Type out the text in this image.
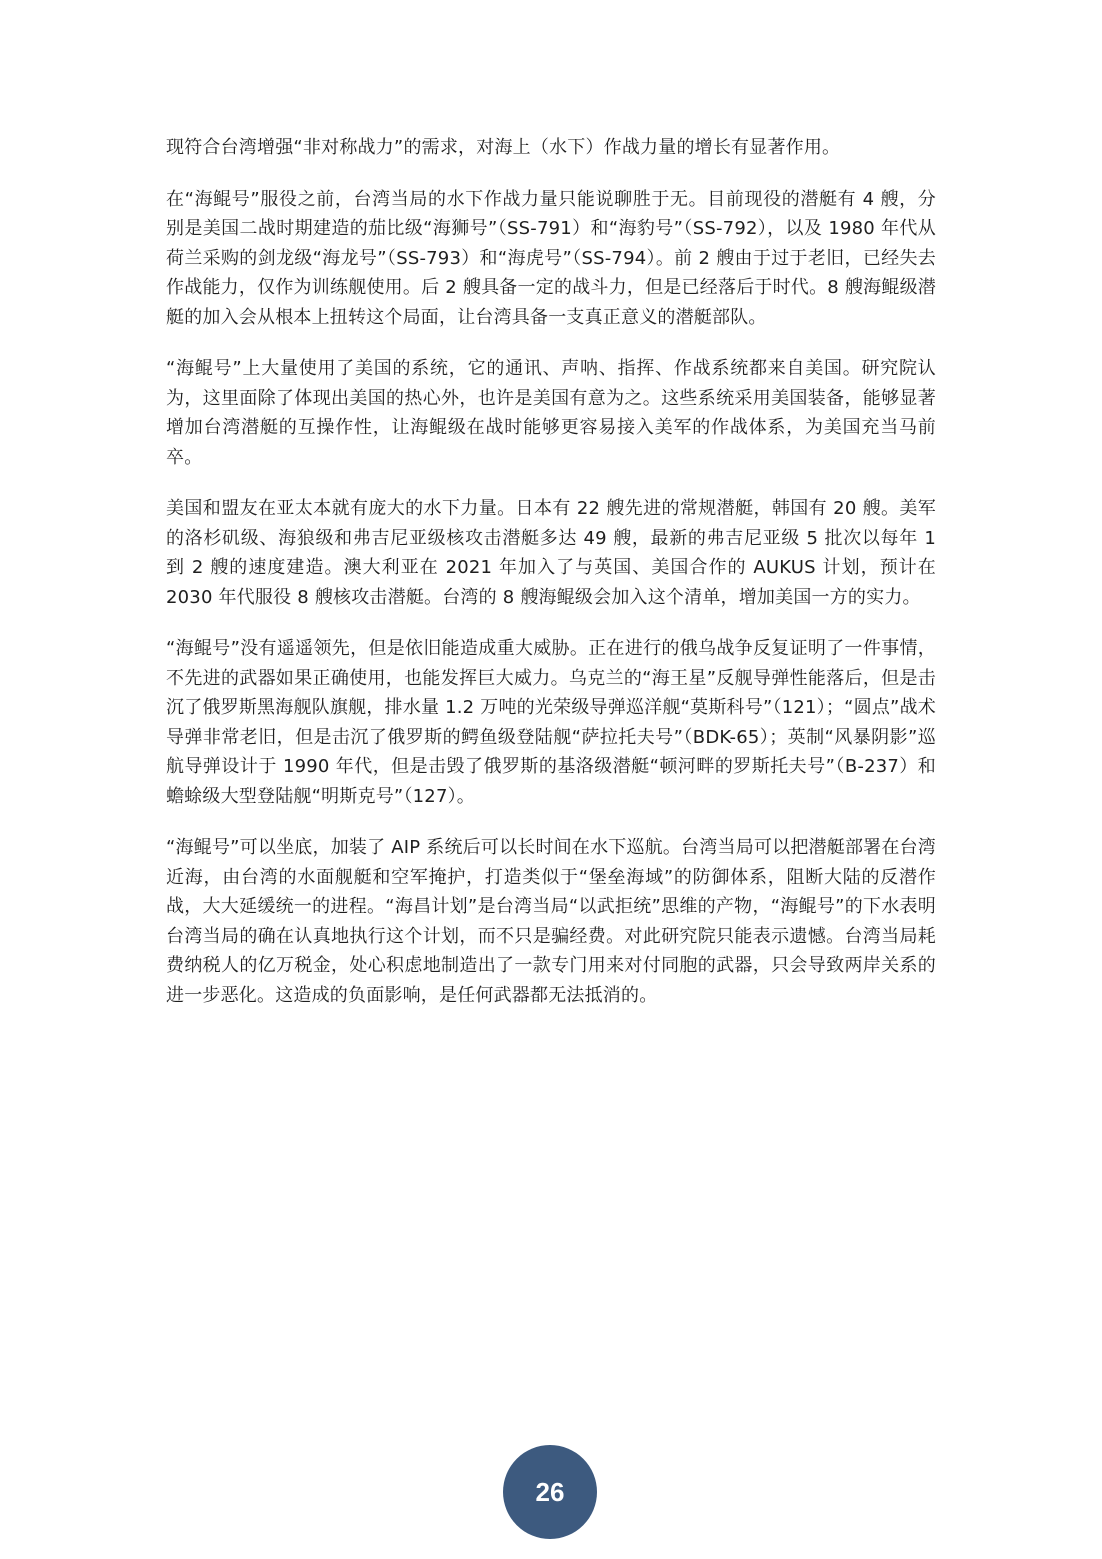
现符合台湾增强“非对称战力”的需求，对海上（水下）作战力量的增长有显著作用。

在“海鲲号”服役之前，台湾当局的水下作战力量只能说聊胜于无。目前现役的潜艇有 4 艘，分别是美国二战时期建造的茄比级“海狮号”（SS-791）和“海豹号”（SS-792），以及 1980 年代从荷兰采购的剑龙级“海龙号”（SS-793）和“海虎号”（SS-794）。前 2 艘由于过于老旧，已经失去作战能力，仅作为训练舰使用。后 2 艘具备一定的战斗力，但是已经落后于时代。8 艘海鲲级潜艇的加入会从根本上扭转这个局面，让台湾具备一支真正意义的潜艇部队。

“海鲲号”上大量使用了美国的系统，它的通讯、声呐、指挥、作战系统都来自美国。研究院认为，这里面除了体现出美国的热心外，也许是美国有意为之。这些系统采用美国装备，能够显著增加台湾潜艇的互操作性，让海鲲级在战时能够更容易接入美军的作战体系，为美国充当马前卒。

美国和盟友在亚太本就有庞大的水下力量。日本有 22 艘先进的常规潜艇，韩国有 20 艘。美军的洛杉矶级、海狼级和弗吉尼亚级核攻击潜艇多达 49 艘，最新的弗吉尼亚级 5 批次以每年 1 到 2 艘的速度建造。澳大利亚在 2021 年加入了与英国、美国合作的 AUKUS 计划，预计在 2030 年代服役 8 艘核攻击潜艇。台湾的 8 艘海鲲级会加入这个清单，增加美国一方的实力。

“海鲲号”没有遥遥领先，但是依旧能造成重大威胁。正在进行的俄乌战争反复证明了一件事情，不先进的武器如果正确使用，也能发挥巨大威力。乌克兰的“海王星”反舰导弹性能落后，但是击沉了俄罗斯黑海舰队旗舰，排水量 1.2 万吨的光荣级导弹巡洋舰“莫斯科号”（121）；“圆点”战术导弹非常老旧，但是击沉了俄罗斯的鳄鱼级登陆舰“萨拉托夫号”（BDK-65）；英制“风暴阴影”巡航导弹设计于 1990 年代，但是击毁了俄罗斯的基洛级潜艇“顿河畔的罗斯托夫号”（B-237）和蟾蜍级大型登陆舰“明斯克号”（127）。

“海鲲号”可以坐底，加装了 AIP 系统后可以长时间在水下巡航。台湾当局可以把潜艇部署在台湾近海，由台湾的水面舰艇和空军掩护，打造类似于“堡垒海域”的防御体系，阻断大陆的反潜作战，大大延缓统一的进程。“海昌计划”是台湾当局“以武拒统”思维的产物，“海鲲号”的下水表明台湾当局的确在认真地执行这个计划，而不只是骗经费。对此研究院只能表示遗憾。台湾当局耗费纳税人的亿万税金，处心积虑地制造出了一款专门用来对付同胞的武器，只会导致两岸关系的进一步恶化。这造成的负面影响，是任何武器都无法抵消的。

26
